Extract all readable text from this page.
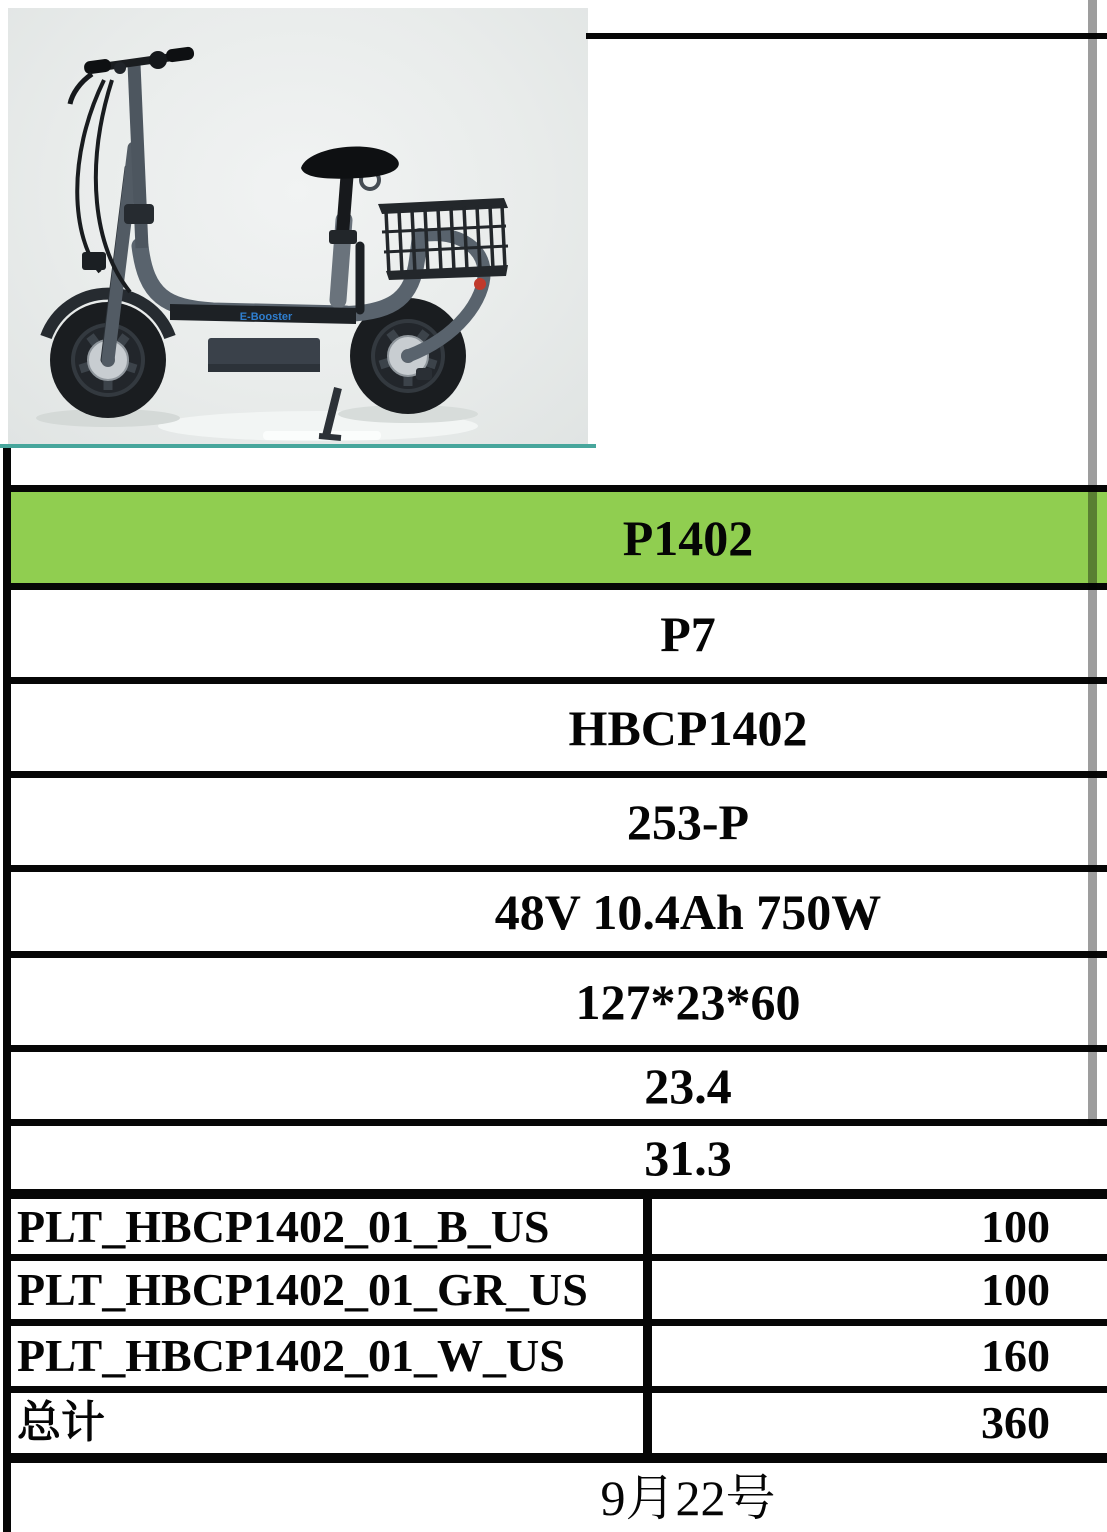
E-Booster
P1402
P7
HBCP1402
253-P
48V 10.4Ah 750W
127*23*60
23.4
31.3
PLT_HBCP1402_01_B_US	100
PLT_HBCP1402_01_GR_US	100
PLT_HBCP1402_01_W_US	160
总计	360
9月22号
